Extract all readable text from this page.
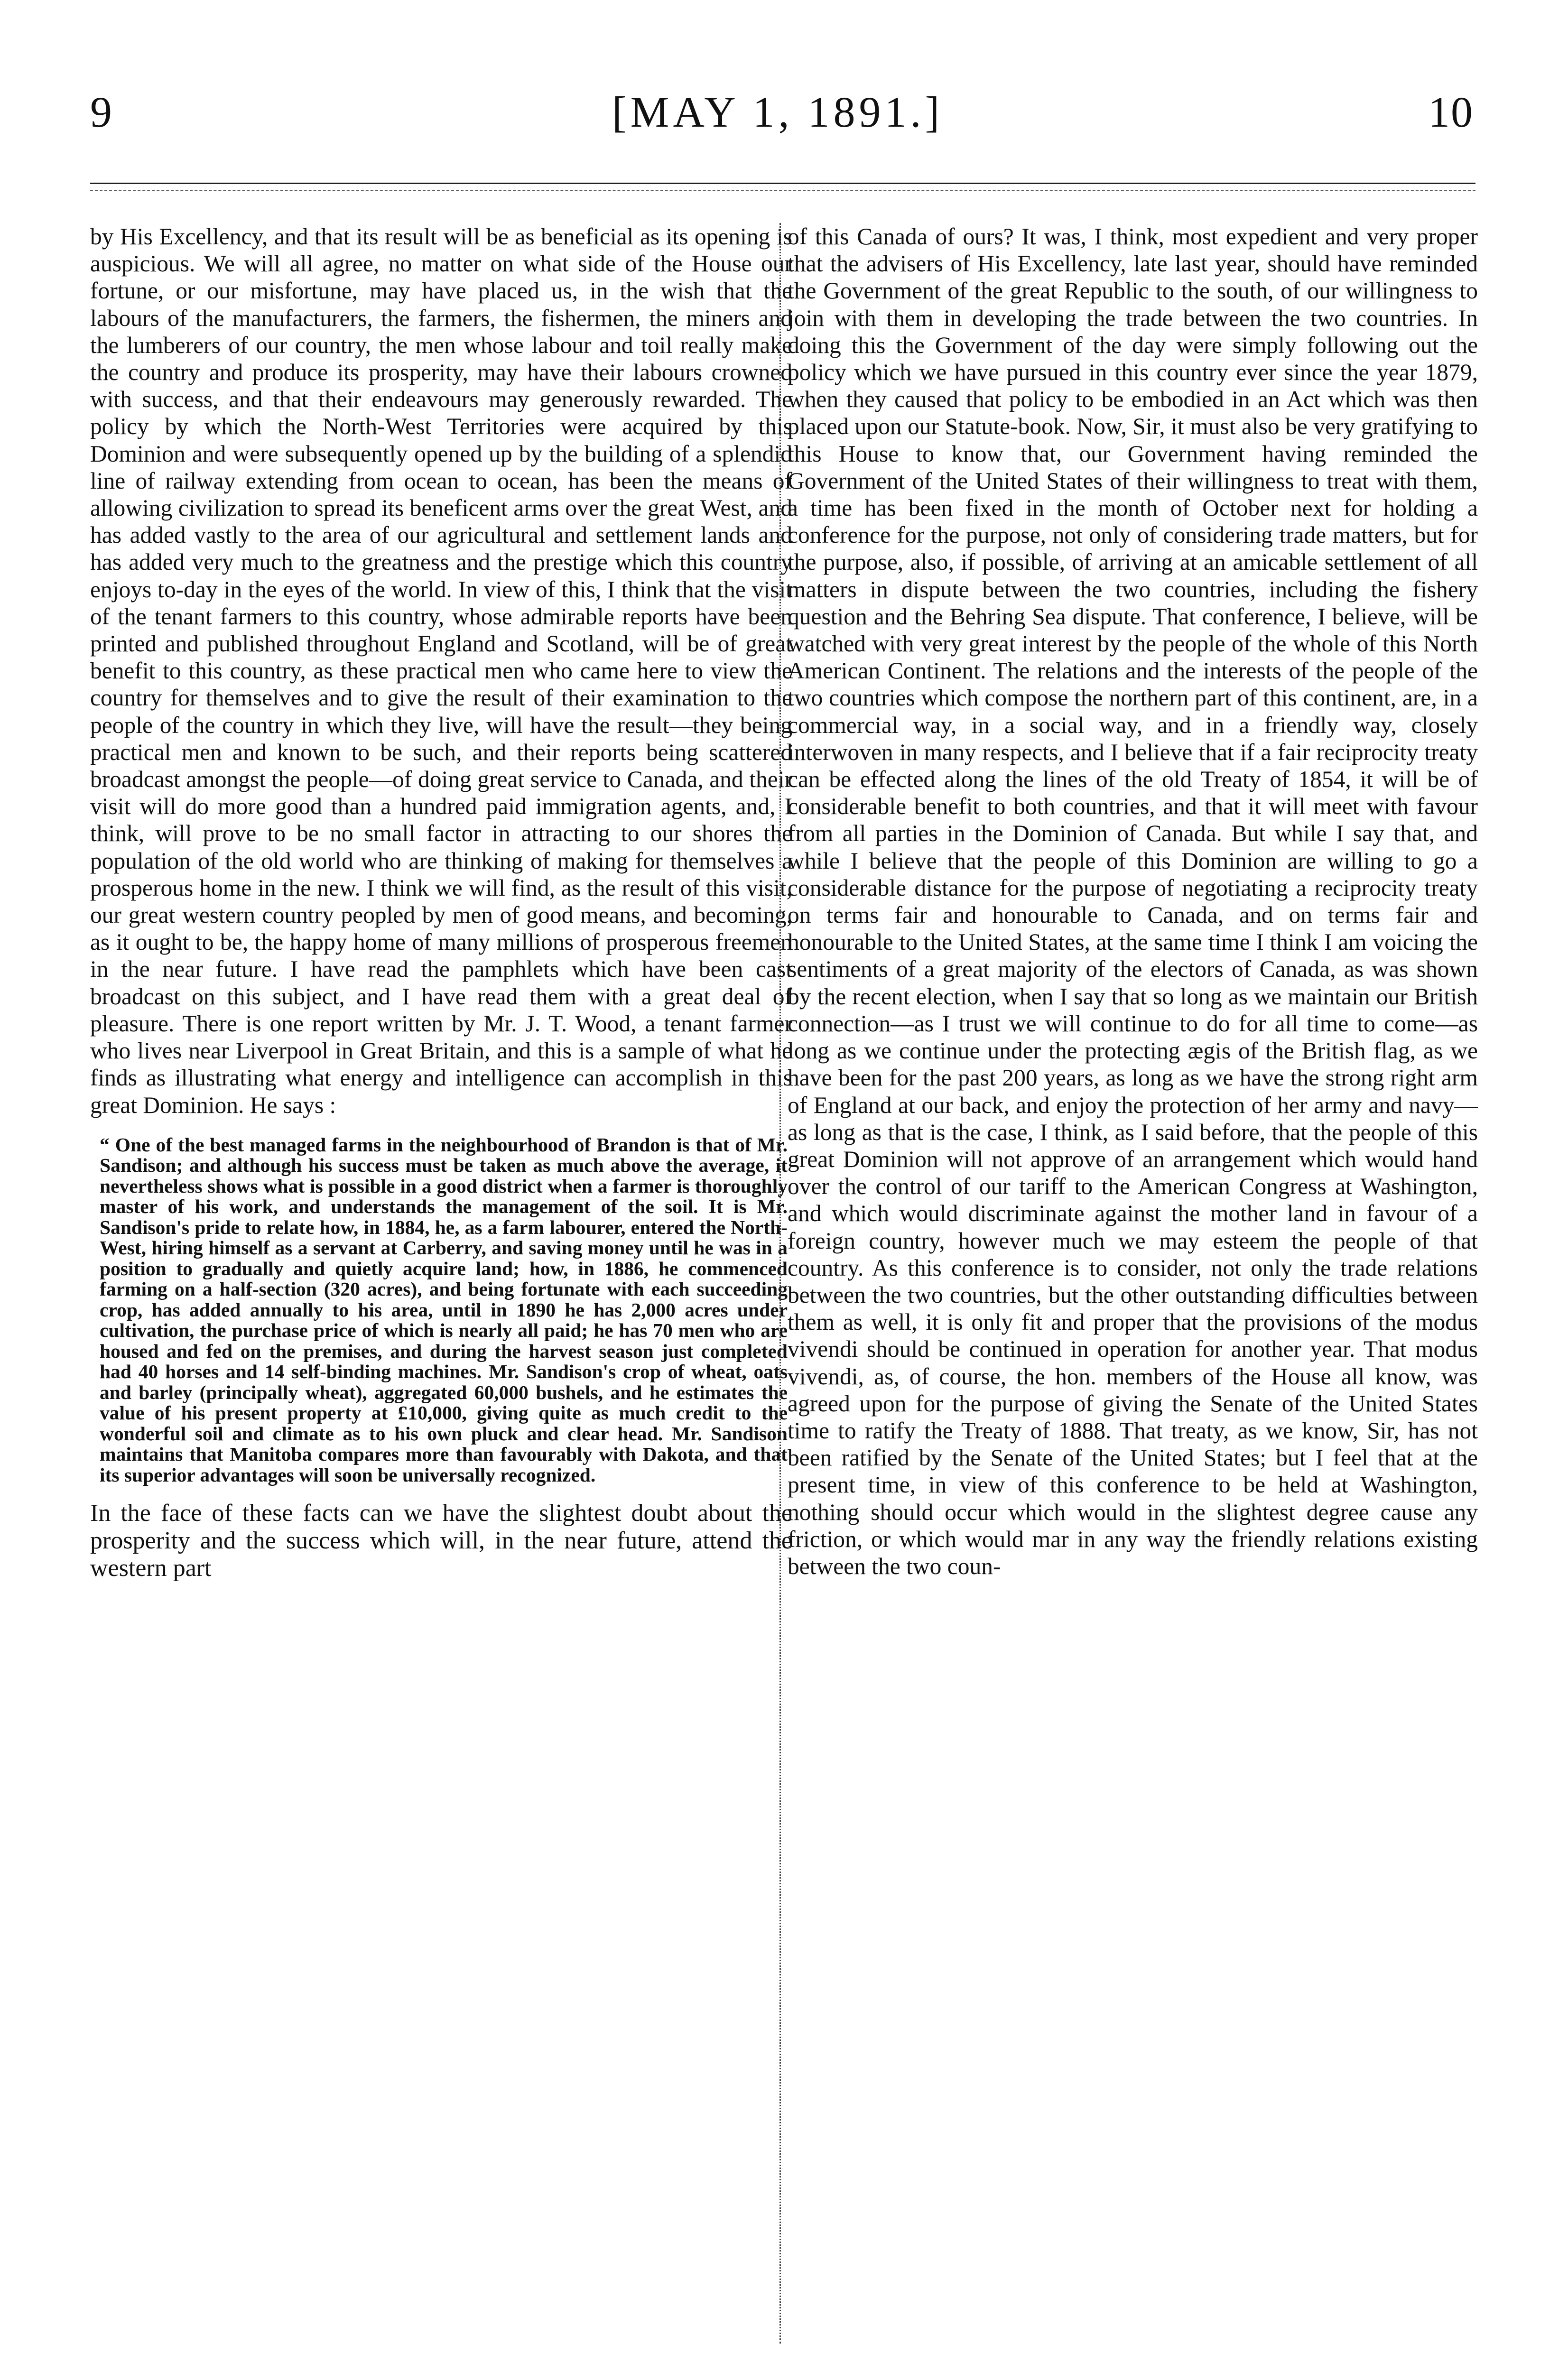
9	[MAY 1, 1891.]	10

by His Excellency, and that its result will be as beneficial as its opening is auspicious. We will all agree, no matter on what side of the House our fortune, or our misfortune, may have placed us, in the wish that the labours of the manufacturers, the farmers, the fishermen, the miners and the lumberers of our country, the men whose labour and toil really make the country and produce its prosperity, may have their labours crowned with success, and that their endeavours may generously rewarded. The policy by which the North-West Territories were acquired by this Dominion and were subsequently opened up by the building of a splendid line of railway extending from ocean to ocean, has been the means of allowing civilization to spread its beneficent arms over the great West, and has added vastly to the area of our agricultural and settlement lands and has added very much to the greatness and the prestige which this country enjoys to-day in the eyes of the world. In view of this, I think that the visit of the tenant farmers to this country, whose admirable reports have been printed and published throughout England and Scotland, will be of great benefit to this country, as these practical men who came here to view the country for themselves and to give the result of their examination to the people of the country in which they live, will have the result—they being practical men and known to be such, and their reports being scattered broadcast amongst the people—of doing great service to Canada, and their visit will do more good than a hundred paid immigration agents, and, I think, will prove to be no small factor in attracting to our shores the population of the old world who are thinking of making for themselves a prosperous home in the new. I think we will find, as the result of this visit, our great western country peopled by men of good means, and becoming, as it ought to be, the happy home of many millions of prosperous freemen in the near future. I have read the pamphlets which have been cast broadcast on this subject, and I have read them with a great deal of pleasure. There is one report written by Mr. J. T. Wood, a tenant farmer who lives near Liverpool in Great Britain, and this is a sample of what he finds as illustrating what energy and intelligence can accomplish in this great Dominion. He says :

“ One of the best managed farms in the neighbourhood of Brandon is that of Mr. Sandison; and although his success must be taken as much above the average, it nevertheless shows what is possible in a good district when a farmer is thoroughly master of his work, and understands the management of the soil. It is Mr. Sandison's pride to relate how, in 1884, he, as a farm labourer, entered the North-West, hiring himself as a servant at Carberry, and saving money until he was in a position to gradually and quietly acquire land; how, in 1886, he commenced farming on a half-section (320 acres), and being fortunate with each succeeding crop, has added annually to his area, until in 1890 he has 2,000 acres under cultivation, the purchase price of which is nearly all paid; he has 70 men who are housed and fed on the premises, and during the harvest season just completed had 40 horses and 14 self-binding machines. Mr. Sandison's crop of wheat, oats and barley (principally wheat), aggregated 60,000 bushels, and he estimates the value of his present property at £10,000, giving quite as much credit to the wonderful soil and climate as to his own pluck and clear head. Mr. Sandison maintains that Manitoba compares more than favourably with Dakota, and that its superior advantages will soon be universally recognized.

In the face of these facts can we have the slightest doubt about the prosperity and the success which will, in the near future, attend the western part

of this Canada of ours? It was, I think, most expedient and very proper that the advisers of His Excellency, late last year, should have reminded the Government of the great Republic to the south, of our willingness to join with them in developing the trade between the two countries. In doing this the Government of the day were simply following out the policy which we have pursued in this country ever since the year 1879, when they caused that policy to be embodied in an Act which was then placed upon our Statute-book. Now, Sir, it must also be very gratifying to this House to know that, our Government having reminded the Government of the United States of their willingness to treat with them, a time has been fixed in the month of October next for holding a conference for the purpose, not only of considering trade matters, but for the purpose, also, if possible, of arriving at an amicable settlement of all matters in dispute between the two countries, including the fishery question and the Behring Sea dispute. That conference, I believe, will be watched with very great interest by the people of the whole of this North American Continent. The relations and the interests of the people of the two countries which compose the northern part of this continent, are, in a commercial way, in a social way, and in a friendly way, closely interwoven in many respects, and I believe that if a fair reciprocity treaty can be effected along the lines of the old Treaty of 1854, it will be of considerable benefit to both countries, and that it will meet with favour from all parties in the Dominion of Canada. But while I say that, and while I believe that the people of this Dominion are willing to go a considerable distance for the purpose of negotiating a reciprocity treaty on terms fair and honourable to Canada, and on terms fair and honourable to the United States, at the same time I think I am voicing the sentiments of a great majority of the electors of Canada, as was shown by the recent election, when I say that so long as we maintain our British connection—as I trust we will continue to do for all time to come—as long as we continue under the protecting ægis of the British flag, as we have been for the past 200 years, as long as we have the strong right arm of England at our back, and enjoy the protection of her army and navy—as long as that is the case, I think, as I said before, that the people of this great Dominion will not approve of an arrangement which would hand over the control of our tariff to the American Congress at Washington, and which would discriminate against the mother land in favour of a foreign country, however much we may esteem the people of that country. As this conference is to consider, not only the trade relations between the two countries, but the other outstanding difficulties between them as well, it is only fit and proper that the provisions of the modus vivendi should be continued in operation for another year. That modus vivendi, as, of course, the hon. members of the House all know, was agreed upon for the purpose of giving the Senate of the United States time to ratify the Treaty of 1888. That treaty, as we know, Sir, has not been ratified by the Senate of the United States; but I feel that at the present time, in view of this conference to be held at Washington, nothing should occur which would in the slightest degree cause any friction, or which would mar in any way the friendly relations existing between the two coun-
